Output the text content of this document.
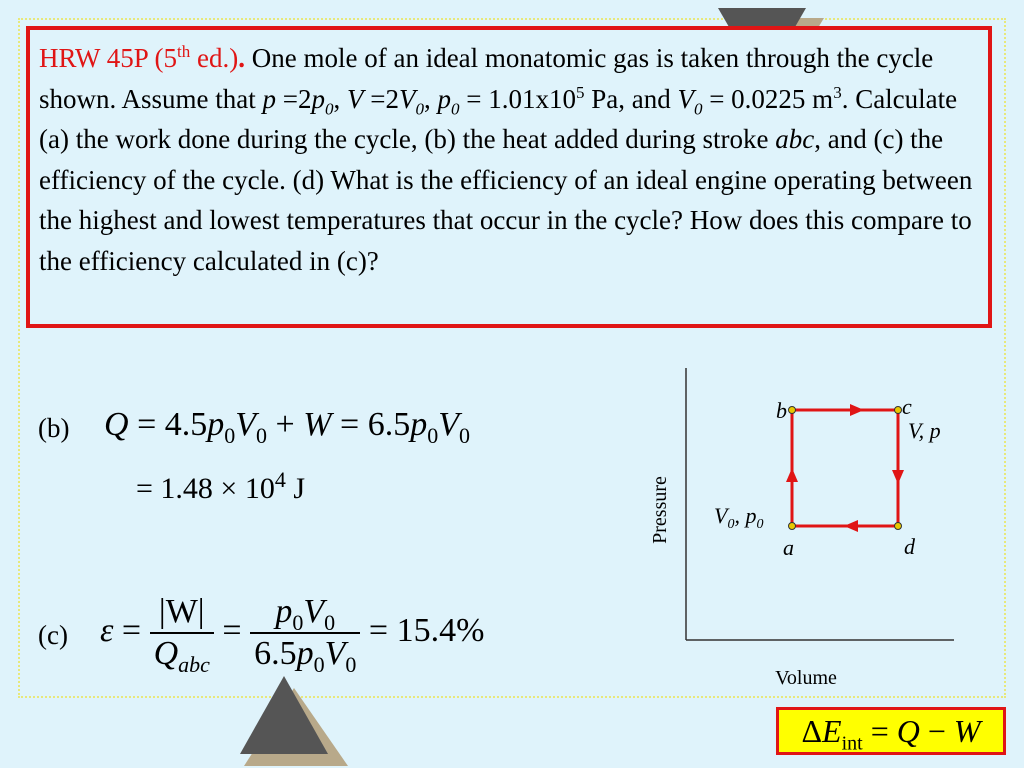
HRW 45P (5th ed.). One mole of an ideal monatomic gas is taken through the cycle shown. Assume that $p =2p_0$, $V =2V_0$, $p_0 = 1.01x10^5$ Pa, and $V_0 = 0.0225$ $m^3$. Calculate (a) the work done during the cycle, (b) the heat added during stroke abc, and (c) the efficiency of the cycle. (d) What is the efficiency of an ideal engine operating between the highest and lowest temperatures that occur in the cycle? How does this compare to the efficiency calculated in (c)?
(b) $Q = 4.5p_0V_0 + W = 6.5p_0V_0$
= $1.48 \times 10^4$ J
(c) $\varepsilon = \frac{|W|}{Q_{abc}} = \frac{p_0V_0}{6.5p_0V_0} = 15.4\%$
Volume
Pressure
a
b	c
d
V, p
$V_0$, $p_0$
$\Delta E_{int} = Q - W$
